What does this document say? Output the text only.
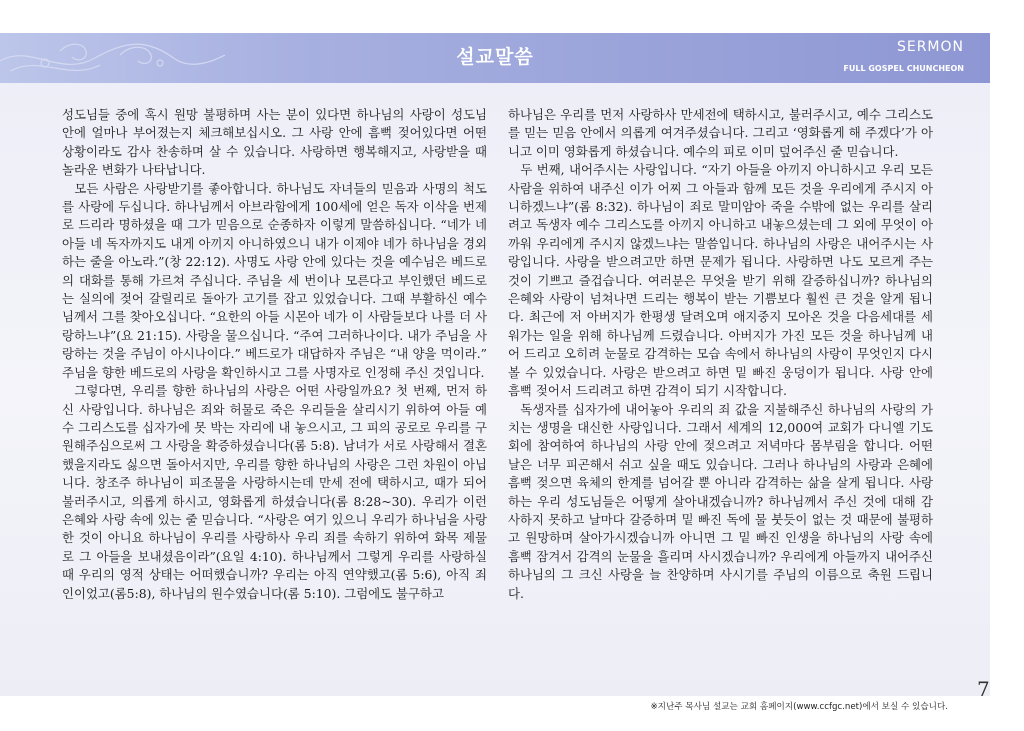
설교말씀	SERMON
FULL GOSPEL CHUNCHEON

성도님들 중에 혹시 원망 불평하며 사는 분이 있다면 하나님의 사랑이 성도님 안에 얼마나 부어졌는지 체크해보십시오. 그 사랑 안에 흠뻑 젖어있다면 어떤 상황이라도 감사 찬송하며 살 수 있습니다. 사랑하면 행복해지고, 사랑받을 때 놀라운 변화가 나타납니다.

모든 사람은 사랑받기를 좋아합니다. 하나님도 자녀들의 믿음과 사명의 척도를 사랑에 두십니다. 하나님께서 아브라함에게 100세에 얻은 독자 이삭을 번제로 드리라 명하셨을 때 그가 믿음으로 순종하자 이렇게 말씀하십니다. “네가 네 아들 네 독자까지도 내게 아끼지 아니하였으니 내가 이제야 네가 하나님을 경외하는 줄을 아노라.”(창 22:12). 사명도 사랑 안에 있다는 것을 예수님은 베드로의 대화를 통해 가르쳐 주십니다. 주님을 세 번이나 모른다고 부인했던 베드로는 실의에 젖어 갈릴리로 돌아가 고기를 잡고 있었습니다. 그때 부활하신 예수님께서 그를 찾아오십니다. “요한의 아들 시몬아 네가 이 사람들보다 나를 더 사랑하느냐”(요 21:15). 사랑을 물으십니다. “주여 그러하나이다. 내가 주님을 사랑하는 것을 주님이 아시나이다.” 베드로가 대답하자 주님은 “내 양을 먹이라.” 주님을 향한 베드로의 사랑을 확인하시고 그를 사명자로 인정해 주신 것입니다.

그렇다면, 우리를 향한 하나님의 사랑은 어떤 사랑일까요? 첫 번째, 먼저 하신 사랑입니다. 하나님은 죄와 허물로 죽은 우리들을 살리시기 위하여 아들 예수 그리스도를 십자가에 못 박는 자리에 내 놓으시고, 그 피의 공로로 우리를 구원해주심으로써 그 사랑을 확증하셨습니다(롬 5:8). 남녀가 서로 사랑해서 결혼했을지라도 싫으면 돌아서지만, 우리를 향한 하나님의 사랑은 그런 차원이 아닙니다. 창조주 하나님이 피조물을 사랑하시는데 만세 전에 택하시고, 때가 되어 불러주시고, 의롭게 하시고, 영화롭게 하셨습니다(롬 8:28~30). 우리가 이런 은혜와 사랑 속에 있는 줄 믿습니다. “사랑은 여기 있으니 우리가 하나님을 사랑한 것이 아니요 하나님이 우리를 사랑하사 우리 죄를 속하기 위하여 화목 제물로 그 아들을 보내셨음이라”(요일 4:10). 하나님께서 그렇게 우리를 사랑하실 때 우리의 영적 상태는 어떠했습니까? 우리는 아직 연약했고(롬 5:6), 아직 죄인이었고(롬5:8), 하나님의 원수였습니다(롬 5:10). 그럼에도 불구하고

하나님은 우리를 먼저 사랑하사 만세전에 택하시고, 불러주시고, 예수 그리스도를 믿는 믿음 안에서 의롭게 여겨주셨습니다. 그리고 ‘영화롭게 해 주겠다’가 아니고 이미 영화롭게 하셨습니다. 예수의 피로 이미 덮어주신 줄 믿습니다.

두 번째, 내어주시는 사랑입니다. “자기 아들을 아끼지 아니하시고 우리 모든 사람을 위하여 내주신 이가 어찌 그 아들과 함께 모든 것을 우리에게 주시지 아니하겠느냐”(롬 8:32). 하나님이 죄로 말미암아 죽을 수밖에 없는 우리를 살리려고 독생자 예수 그리스도를 아끼지 아니하고 내놓으셨는데 그 외에 무엇이 아까워 우리에게 주시지 않겠느냐는 말씀입니다. 하나님의 사랑은 내어주시는 사랑입니다. 사랑을 받으려고만 하면 문제가 됩니다. 사랑하면 나도 모르게 주는 것이 기쁘고 즐겁습니다. 여러분은 무엇을 받기 위해 갈증하십니까? 하나님의 은혜와 사랑이 넘쳐나면 드리는 행복이 받는 기쁨보다 훨씬 큰 것을 알게 됩니다. 최근에 저 아버지가 한평생 달려오며 애지중지 모아온 것을 다음세대를 세워가는 일을 위해 하나님께 드렸습니다. 아버지가 가진 모든 것을 하나님께 내어 드리고 오히려 눈물로 감격하는 모습 속에서 하나님의 사랑이 무엇인지 다시 볼 수 있었습니다. 사랑은 받으려고 하면 밑 빠진 웅덩이가 됩니다. 사랑 안에 흠뻑 젖어서 드리려고 하면 감격이 되기 시작합니다.

독생자를 십자가에 내어놓아 우리의 죄 값을 지불해주신 하나님의 사랑의 가치는 생명을 대신한 사랑입니다. 그래서 세계의 12,000여 교회가 다니엘 기도회에 참여하여 하나님의 사랑 안에 젖으려고 저녁마다 몸부림을 합니다. 어떤 날은 너무 피곤해서 쉬고 싶을 때도 있습니다. 그러나 하나님의 사랑과 은혜에 흠뻑 젖으면 육체의 한계를 넘어갈 뿐 아니라 감격하는 삶을 살게 됩니다. 사랑하는 우리 성도님들은 어떻게 살아내겠습니까? 하나님께서 주신 것에 대해 감사하지 못하고 날마다 갈증하며 밑 빠진 독에 물 붓듯이 없는 것 때문에 불평하고 원망하며 살아가시겠습니까 아니면 그 밑 빠진 인생을 하나님의 사랑 속에 흠뻑 잠겨서 감격의 눈물을 흘리며 사시겠습니까? 우리에게 아들까지 내어주신 하나님의 그 크신 사랑을 늘 찬양하며 사시기를 주님의 이름으로 축원 드립니다.

7
※지난주 목사님 설교는 교회 홈페이지(www.ccfgc.net)에서 보실 수 있습니다.
